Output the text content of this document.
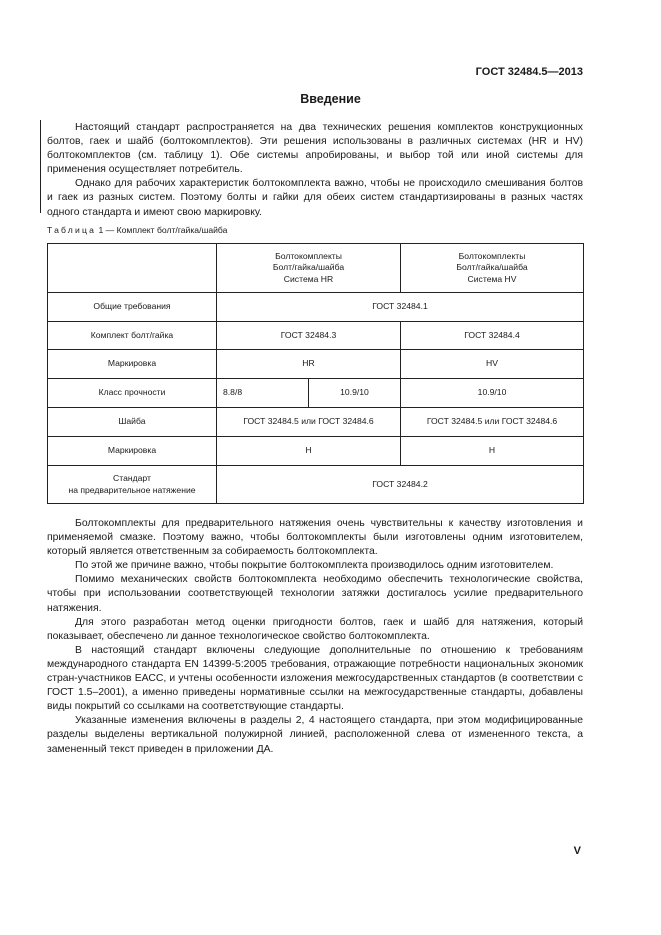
ГОСТ 32484.5—2013
Введение

Настоящий стандарт распространяется на два технических решения комплектов конструкционных болтов, гаек и шайб (болтокомплектов). Эти решения использованы в различных системах (HR и HV) болтокомплектов (см. таблицу 1). Обе системы апробированы, и выбор той или иной системы для применения осуществляет потребитель.

Однако для рабочих характеристик болтокомплекта важно, чтобы не происходило смешивания болтов и гаек из разных систем. Поэтому болты и гайки для обеих систем стандартизированы в разных частях одного стандарта и имеют свою маркировку.

Таблица 1 — Комплект болт/гайка/шайба
	Болтокомплекты
Болт/гайка/шайба
Система HR		Болтокомплекты
Болт/гайка/шайба
Система HV
Общие требования	ГОСТ 32484.1		
Комплект болт/гайка	ГОСТ 32484.3		ГОСТ 32484.4
Маркировка	HR		HV
Класс прочности	8.8/8	10.9/10	10.9/10
Шайба	ГОСТ 32484.5 или ГОСТ 32484.6		ГОСТ 32484.5 или ГОСТ 32484.6
Маркировка	H		H
Стандарт
на предварительное натяжение	ГОСТ 32484.2		

Болтокомплекты для предварительного натяжения очень чувствительны к качеству изготовления и применяемой смазке. Поэтому важно, чтобы болтокомплекты были изготовлены одним изготовителем, который является ответственным за собираемость болтокомплекта.

По этой же причине важно, чтобы покрытие болтокомплекта производилось одним изготовителем.

Помимо механических свойств болтокомплекта необходимо обеспечить технологические свойства, чтобы при использовании соответствующей технологии затяжки достигалось усилие предварительного натяжения.

Для этого разработан метод оценки пригодности болтов, гаек и шайб для натяжения, который показывает, обеспечено ли данное технологическое свойство болтокомплекта.

В настоящий стандарт включены следующие дополнительные по отношению к требованиям международного стандарта EN 14399-5:2005 требования, отражающие потребности национальных экономик стран-участников ЕАСС, и учтены особенности изложения межгосударственных стандартов (в соответствии с ГОСТ 1.5–2001), а именно приведены нормативные ссылки на межгосударственные стандарты, добавлены виды покрытий со ссылками на соответствующие стандарты.

Указанные изменения включены в разделы 2, 4 настоящего стандарта, при этом модифицированные разделы выделены вертикальной полужирной линией, расположенной слева от измененного текста, а замененный текст приведен в приложении ДА.

V
